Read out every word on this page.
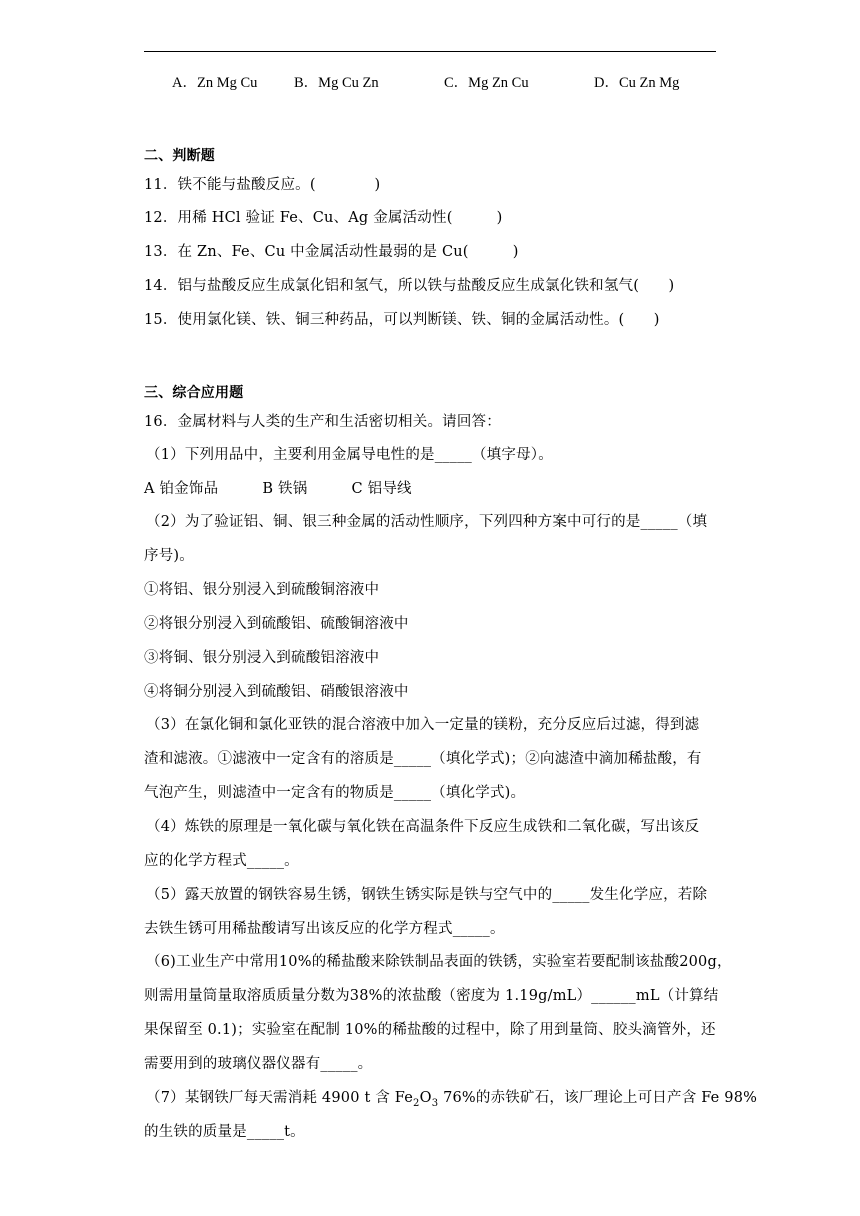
A．Zn Mg Cu	B．Mg Cu Zn	C．Mg Zn Cu	D．Cu Zn Mg
二、判断题
11．铁不能与盐酸反应。(　　　　)
12．用稀 HCl 验证 Fe、Cu、Ag 金属活动性(　　　)
13．在 Zn、Fe、Cu 中金属活动性最弱的是 Cu(　　　)
14．铝与盐酸反应生成氯化铝和氢气，所以铁与盐酸反应生成氯化铁和氢气(　　)
15．使用氯化镁、铁、铜三种药品，可以判断镁、铁、铜的金属活动性。(　　)
三、综合应用题
16．金属材料与人类的生产和生活密切相关。请回答：
（1）下列用品中，主要利用金属导电性的是_____（填字母）。
A 铂金饰品　　　B 铁锅　　　C 铝导线
（2）为了验证铝、铜、银三种金属的活动性顺序，下列四种方案中可行的是_____（填
序号)。
①将铝、银分别浸入到硫酸铜溶液中
②将银分别浸入到硫酸铝、硫酸铜溶液中
③将铜、银分别浸入到硫酸铝溶液中
④将铜分别浸入到硫酸铝、硝酸银溶液中
（3）在氯化铜和氯化亚铁的混合溶液中加入一定量的镁粉，充分反应后过滤，得到滤
渣和滤液。①滤液中一定含有的溶质是_____（填化学式)；②向滤渣中滴加稀盐酸，有
气泡产生，则滤渣中一定含有的物质是_____（填化学式)。
（4）炼铁的原理是一氧化碳与氧化铁在高温条件下反应生成铁和二氧化碳，写出该反
应的化学方程式_____。
（5）露天放置的钢铁容易生锈，钢铁生锈实际是铁与空气中的_____发生化学应，若除
去铁生锈可用稀盐酸请写出该反应的化学方程式_____。
（6)工业生产中常用10%的稀盐酸来除铁制品表面的铁锈，实验室若要配制该盐酸200g，
则需用量筒量取溶质质量分数为38%的浓盐酸（密度为 1.19g/mL）______mL（计算结
果保留至 0.1)；实验室在配制 10%的稀盐酸的过程中，除了用到量筒、胶头滴管外，还
需要用到的玻璃仪器仪器有_____。
（7）某钢铁厂每天需消耗 4900 t 含 $Fe_2O_3$ 76%的赤铁矿石，该厂理论上可日产含 Fe 98%
的生铁的质量是_____t。
